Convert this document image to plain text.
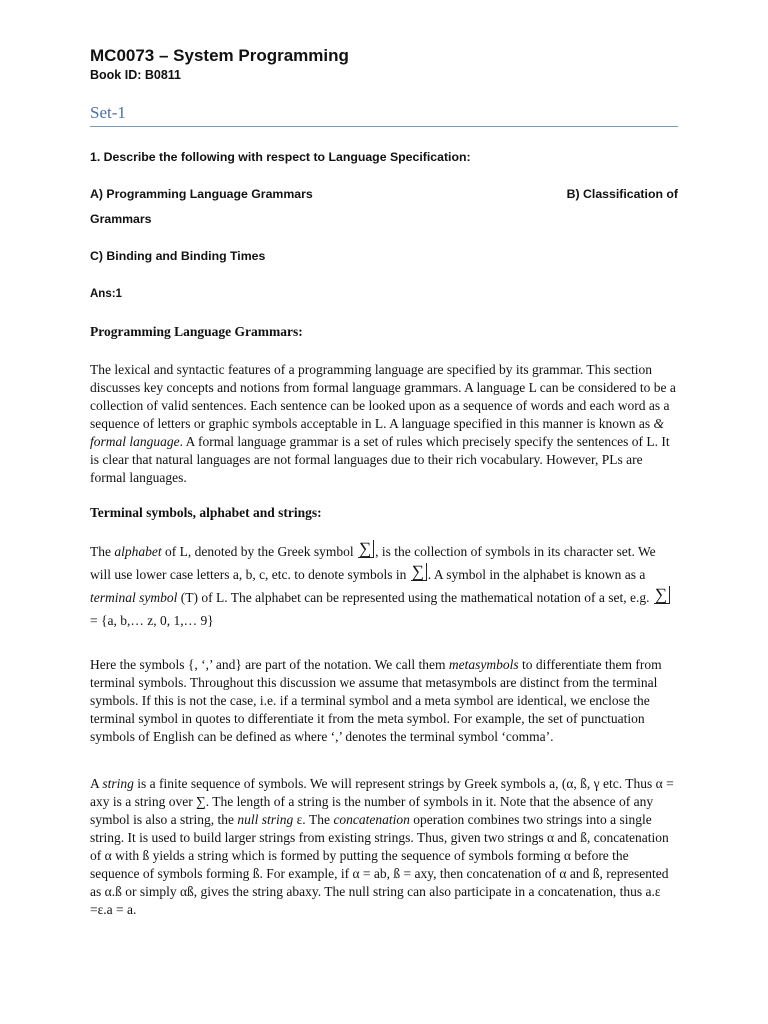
MC0073 – System Programming
Book ID: B0811
Set-1
1. Describe the following with respect to Language Specification:
A) Programming Language Grammars	B) Classification of
Grammars
C) Binding and Binding Times
Ans:1
Programming Language Grammars:

The lexical and syntactic features of a programming language are specified by its grammar. This section discusses key concepts and notions from formal language grammars. A language L can be considered to be a collection of valid sentences. Each sentence can be looked upon as a sequence of words and each word as a sequence of letters or graphic symbols acceptable in L. A language specified in this manner is known as & formal language. A formal language grammar is a set of rules which precisely specify the sentences of L. It is clear that natural languages are not formal languages due to their rich vocabulary. However, PLs are formal languages.

Terminal symbols, alphabet and strings:

The alphabet of L, denoted by the Greek symbol ∑ , is the collection of symbols in its character set. We will use lower case letters a, b, c, etc. to denote symbols in ∑ . A symbol in the alphabet is known as a terminal symbol (T) of L. The alphabet can be represented using the mathematical notation of a set, e.g. ∑= {a, b,… z, 0, 1,… 9}

Here the symbols {, ‘,’ and} are part of the notation. We call them metasymbols to differentiate them from terminal symbols. Throughout this discussion we assume that metasymbols are distinct from the terminal symbols. If this is not the case, i.e. if a terminal symbol and a meta symbol are identical, we enclose the terminal symbol in quotes to differentiate it from the meta symbol. For example, the set of punctuation symbols of English can be defined as where ‘,’ denotes the terminal symbol ‘comma’.

A string is a finite sequence of symbols. We will represent strings by Greek symbols a, (α, ß, γ etc. Thus α = axy is a string over ∑. The length of a string is the number of symbols in it. Note that the absence of any symbol is also a string, the null string ε. The concatenation operation combines two strings into a single string. It is used to build larger strings from existing strings. Thus, given two strings α and ß, concatenation of α with ß yields a string which is formed by putting the sequence of symbols forming α before the sequence of symbols forming ß. For example, if α = ab, ß = axy, then concatenation of α and ß, represented as α.ß or simply αß, gives the string abaxy. The null string can also participate in a concatenation, thus a.ε =ε.a = a.
